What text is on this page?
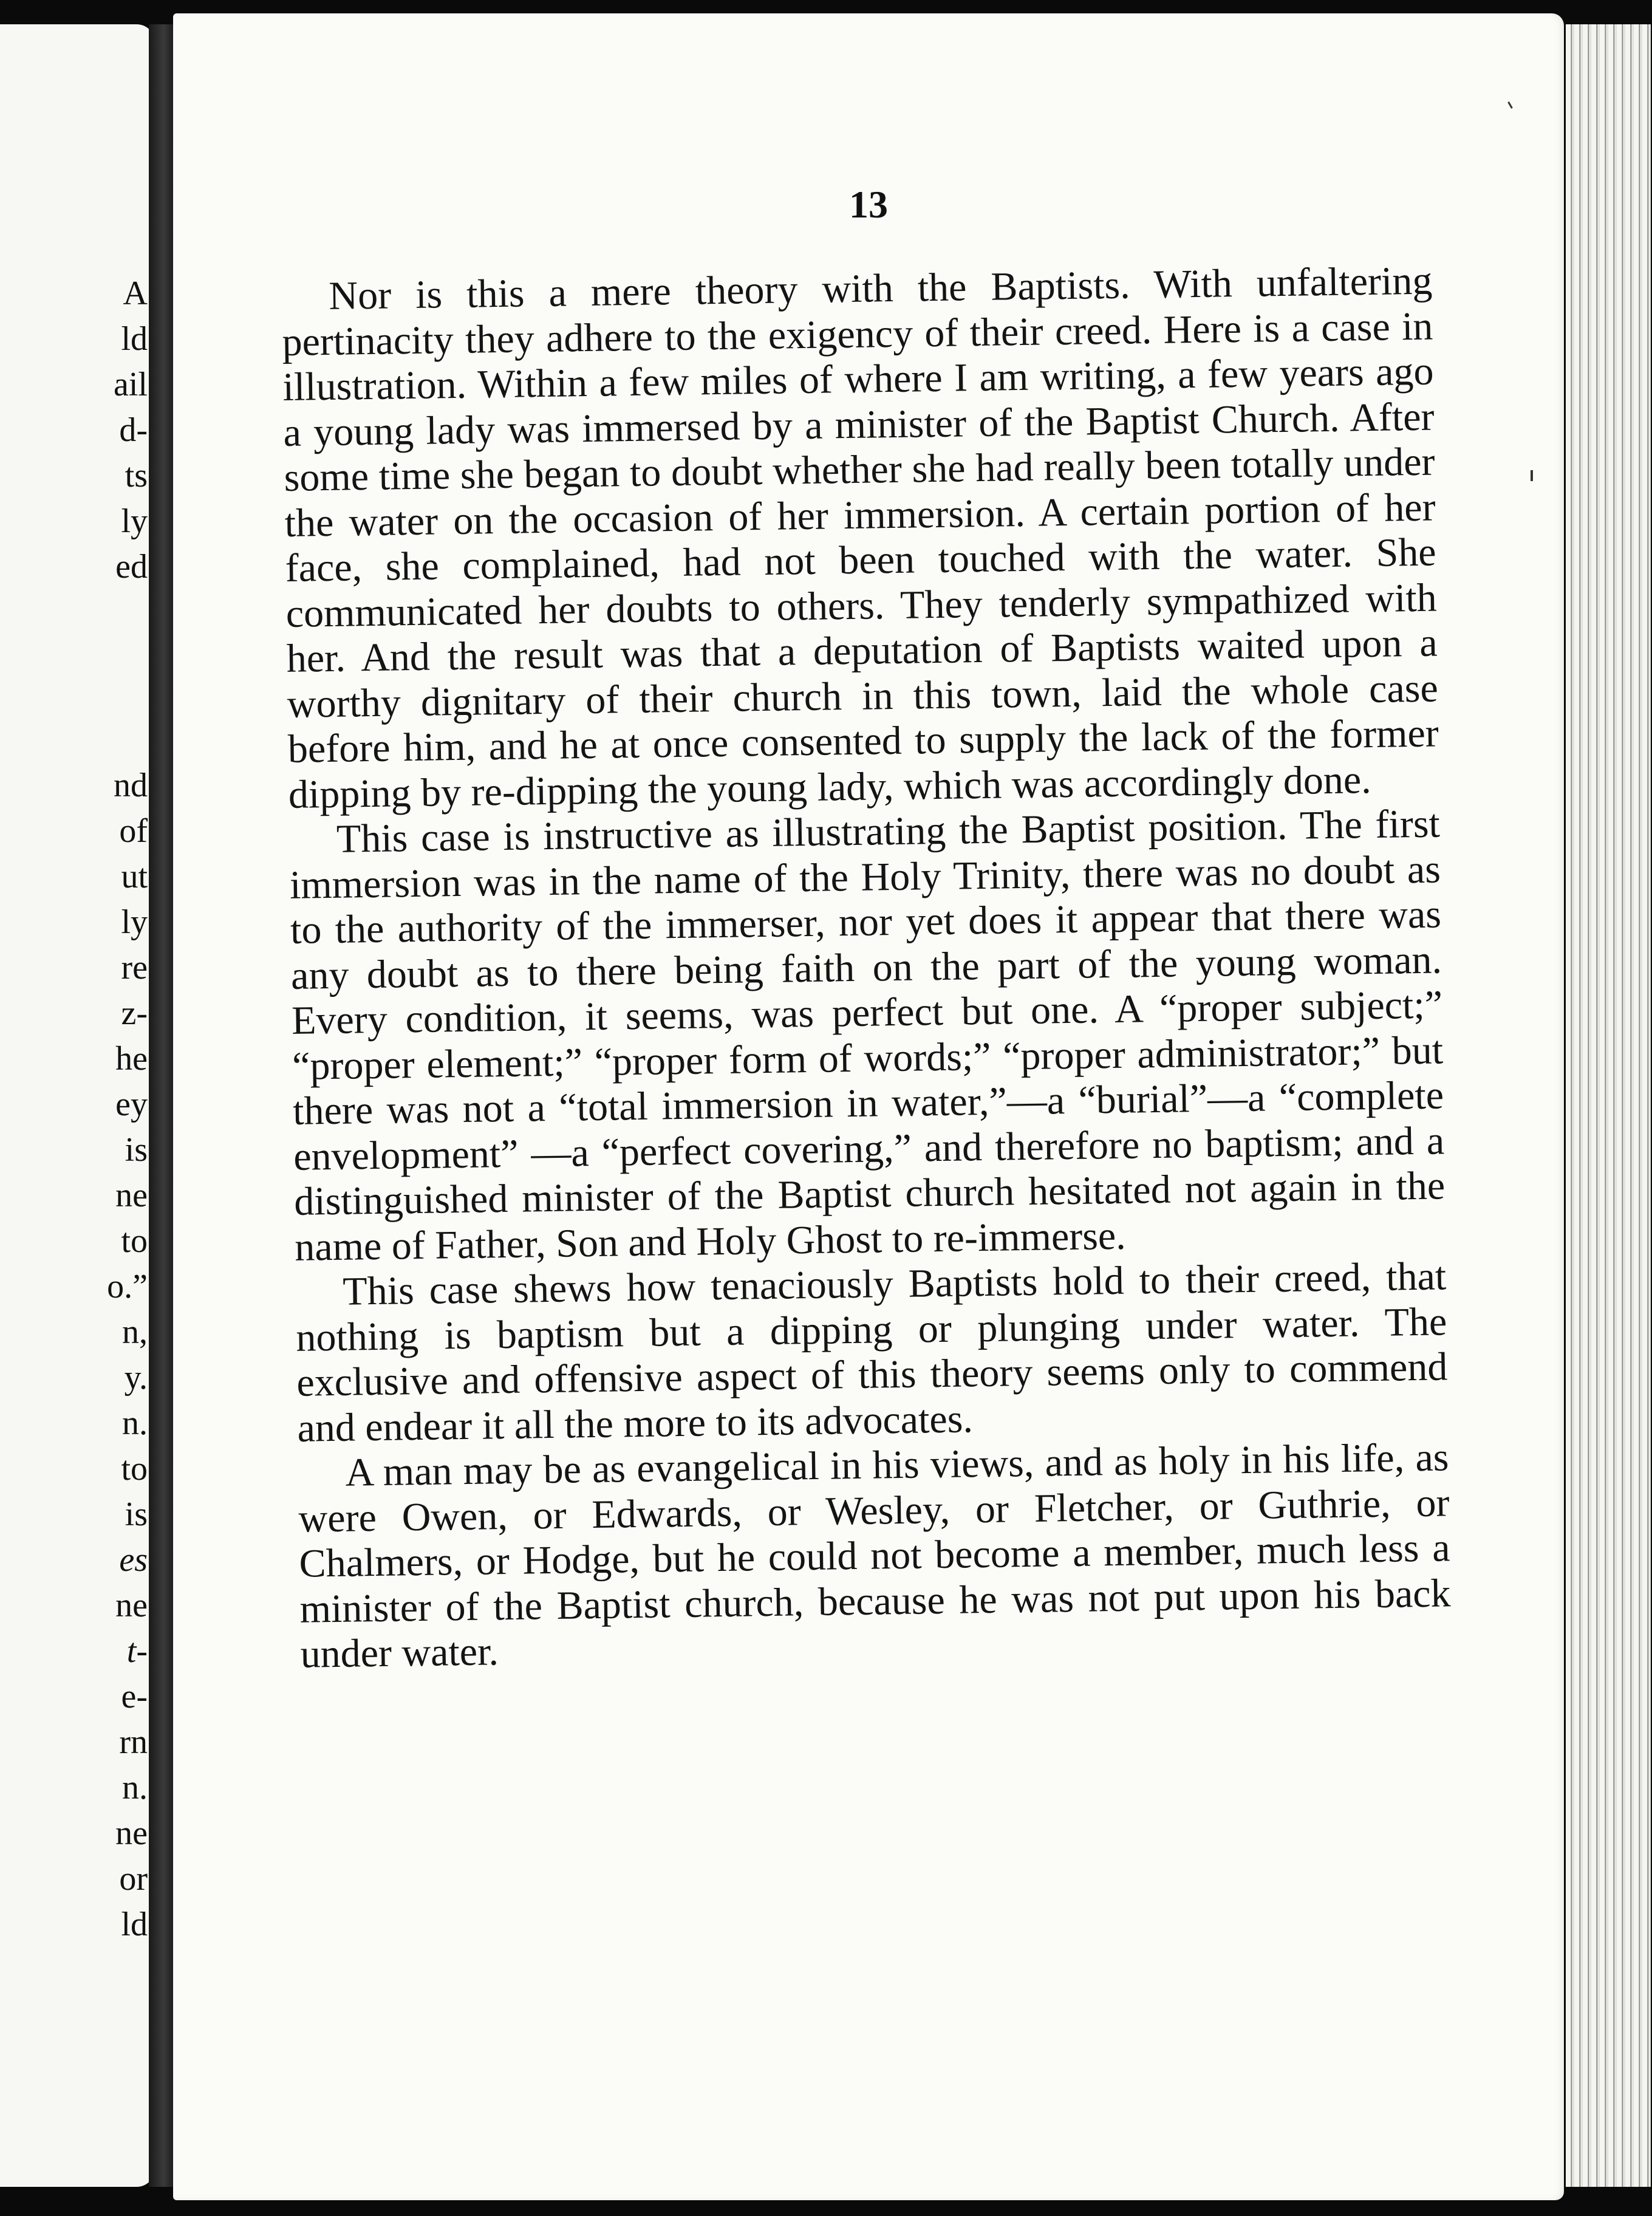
A
ld
ail
d-
ts
ly
ed
nd
of
ut
ly
re
z-
he
ey
is
ne
to
o.”
n,
y.
n.
to
is
es
ne
t-
e-
rn
n.
ne
or
ld
13

Nor is this a mere theory with the Baptists. With unfaltering pertinacity they adhere to the exigency of their creed. Here is a case in illustration. Within a few miles of where I am writing, a few years ago a young lady was immersed by a minister of the Baptist Church. After some time she began to doubt whether she had really been totally under the water on the occasion of her immersion. A certain portion of her face, she complained, had not been touched with the water. She communicated her doubts to others. They tenderly sympathized with her. And the result was that a deputation of Baptists waited upon a worthy dignitary of their church in this town, laid the whole case before him, and he at once consented to supply the lack of the former dipping by re-dipping the young lady, which was accordingly done.

This case is instructive as illustrating the Baptist position. The first immersion was in the name of the Holy Trinity, there was no doubt as to the authority of the immerser, nor yet does it appear that there was any doubt as to there being faith on the part of the young woman. Every condition, it seems, was perfect but one. A “proper subject;” “proper element;” “proper form of words;” “proper administrator;” but there was not a “total immersion in water,”—a “burial”—a “complete envelopment” —a “perfect covering,” and therefore no baptism; and a distinguished minister of the Baptist church hesitated not again in the name of Father, Son and Holy Ghost to re-immerse.

This case shews how tenaciously Baptists hold to their creed, that nothing is baptism but a dipping or plunging under water. The exclusive and offensive aspect of this theory seems only to commend and endear it all the more to its advocates.

A man may be as evangelical in his views, and as holy in his life, as were Owen, or Edwards, or Wesley, or Fletcher, or Guthrie, or Chalmers, or Hodge, but he could not become a member, much less a minister of the Baptist church, because he was not put upon his back under water.
